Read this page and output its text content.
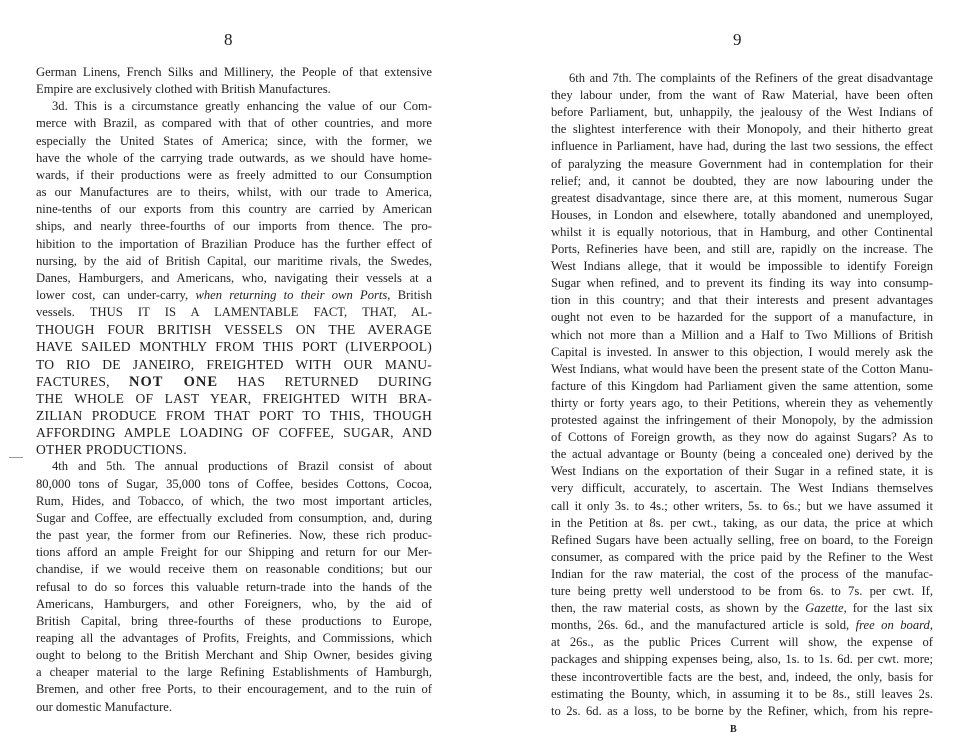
8
German Linens, French Silks and Millinery, the People of that extensive
Empire are exclusively clothed with British Manufactures.
3d. This is a circumstance greatly enhancing the value of our Com-
merce with Brazil, as compared with that of other countries, and more
especially the United States of America; since, with the former, we
have the whole of the carrying trade outwards, as we should have home-
wards, if their productions were as freely admitted to our Consumption
as our Manufactures are to theirs, whilst, with our trade to America,
nine-tenths of our exports from this country are carried by American
ships, and nearly three-fourths of our imports from thence. The pro-
hibition to the importation of Brazilian Produce has the further effect of
nursing, by the aid of British Capital, our maritime rivals, the Swedes,
Danes, Hamburgers, and Americans, who, navigating their vessels at a
lower cost, can under-carry, when returning to their own Ports, British
vessels. THUS IT IS A LAMENTABLE FACT, THAT, AL-
THOUGH FOUR BRITISH VESSELS ON THE AVERAGE
HAVE SAILED MONTHLY FROM THIS PORT (LIVERPOOL)
TO RIO DE JANEIRO, FREIGHTED WITH OUR MANU-
FACTURES, NOT ONE HAS RETURNED DURING
THE WHOLE OF LAST YEAR, FREIGHTED WITH BRA-
ZILIAN PRODUCE FROM THAT PORT TO THIS, THOUGH
AFFORDING AMPLE LOADING OF COFFEE, SUGAR, AND
OTHER PRODUCTIONS.
4th and 5th. The annual productions of Brazil consist of about
80,000 tons of Sugar, 35,000 tons of Coffee, besides Cottons, Cocoa,
Rum, Hides, and Tobacco, of which, the two most important articles,
Sugar and Coffee, are effectually excluded from consumption, and, during
the past year, the former from our Refineries. Now, these rich produc-
tions afford an ample Freight for our Shipping and return for our Mer-
chandise, if we would receive them on reasonable conditions; but our
refusal to do so forces this valuable return-trade into the hands of the
Americans, Hamburgers, and other Foreigners, who, by the aid of
British Capital, bring three-fourths of these productions to Europe,
reaping all the advantages of Profits, Freights, and Commissions, which
ought to belong to the British Merchant and Ship Owner, besides giving
a cheaper material to the large Refining Establishments of Hamburgh,
Bremen, and other free Ports, to their encouragement, and to the ruin of
our domestic Manufacture.
9
6th and 7th. The complaints of the Refiners of the great disadvantage
they labour under, from the want of Raw Material, have been often
before Parliament, but, unhappily, the jealousy of the West Indians of
the slightest interference with their Monopoly, and their hitherto great
influence in Parliament, have had, during the last two sessions, the effect
of paralyzing the measure Government had in contemplation for their
relief; and, it cannot be doubted, they are now labouring under the
greatest disadvantage, since there are, at this moment, numerous Sugar
Houses, in London and elsewhere, totally abandoned and unemployed,
whilst it is equally notorious, that in Hamburg, and other Continental
Ports, Refineries have been, and still are, rapidly on the increase. The
West Indians allege, that it would be impossible to identify Foreign
Sugar when refined, and to prevent its finding its way into consump-
tion in this country; and that their interests and present advantages
ought not even to be hazarded for the support of a manufacture, in
which not more than a Million and a Half to Two Millions of British
Capital is invested. In answer to this objection, I would merely ask the
West Indians, what would have been the present state of the Cotton Manu-
facture of this Kingdom had Parliament given the same attention, some
thirty or forty years ago, to their Petitions, wherein they as vehemently
protested against the infringement of their Monopoly, by the admission
of Cottons of Foreign growth, as they now do against Sugars? As to
the actual advantage or Bounty (being a concealed one) derived by the
West Indians on the exportation of their Sugar in a refined state, it is
very difficult, accurately, to ascertain. The West Indians themselves
call it only 3s. to 4s.; other writers, 5s. to 6s.; but we have assumed it
in the Petition at 8s. per cwt., taking, as our data, the price at which
Refined Sugars have been actually selling, free on board, to the Foreign
consumer, as compared with the price paid by the Refiner to the West
Indian for the raw material, the cost of the process of the manufac-
ture being pretty well understood to be from 6s. to 7s. per cwt. If,
then, the raw material costs, as shown by the Gazette, for the last six
months, 26s. 6d., and the manufactured article is sold, free on board,
at 26s., as the public Prices Current will show, the expense of
packages and shipping expenses being, also, 1s. to 1s. 6d. per cwt. more;
these incontrovertible facts are the best, and, indeed, the only, basis for
estimating the Bounty, which, in assuming it to be 8s., still leaves 2s.
to 2s. 6d. as a loss, to be borne by the Refiner, which, from his repre-
B
